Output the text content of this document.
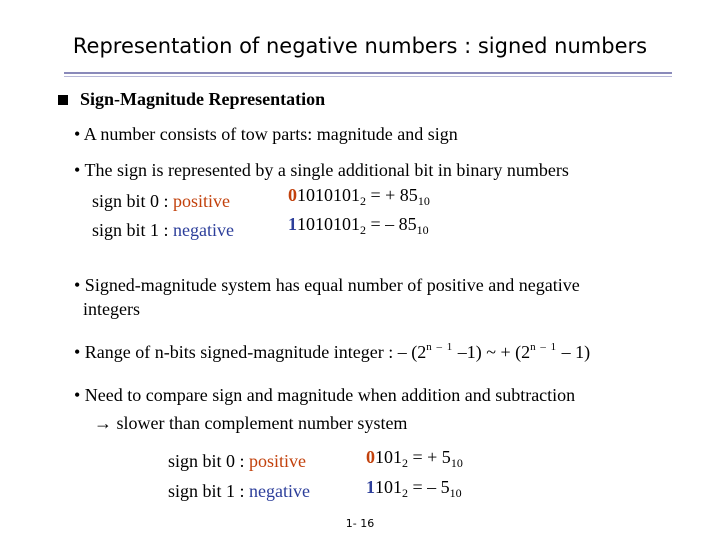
Representation of negative numbers : signed numbers
Sign-Magnitude Representation
• A number consists of tow parts: magnitude and sign
• The sign is represented by a single additional bit in binary numbers
sign bit 0 : positive
sign bit 1 : negative
$01010101_2$ = + $85_{10}$
$11010101_2$ = – $85_{10}$
• Signed-magnitude system has equal number of positive and negative
integers
• Range of n-bits signed-magnitude integer : – (2$^{n - 1}$ –1) ~ + $(2^{n - 1} - 1)$
• Need to compare sign and magnitude when addition and subtraction
→ slower than complement number system
sign bit 0 : positive
sign bit 1 : negative
$0101_2$ = + $5_{10}$
$1101_2$ = – $5_{10}$
1- 16
